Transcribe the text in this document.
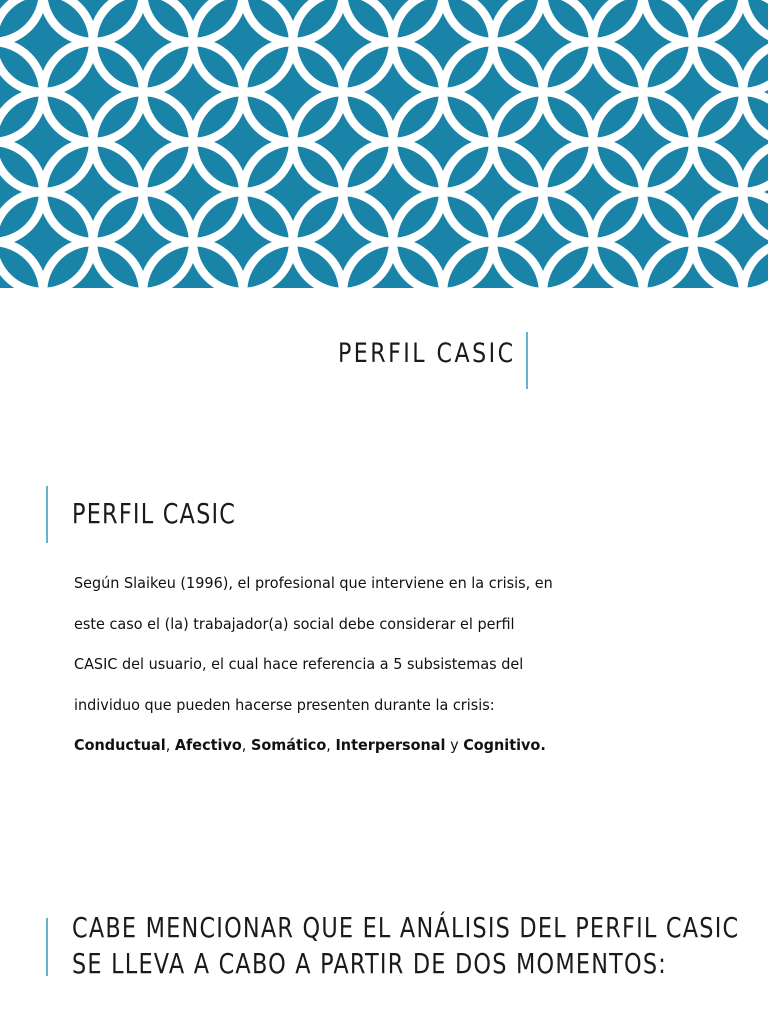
PERFIL CASIC
PERFIL CASIC
Según Slaikeu (1996), el profesional que interviene en la crisis, en
este caso el (la) trabajador(a) social debe considerar el perfil
CASIC del usuario, el cual hace referencia a 5 subsistemas del
individuo que pueden hacerse presenten durante la crisis:
Conductual, Afectivo, Somático, Interpersonal y Cognitivo.
CABE MENCIONAR QUE EL ANÁLISIS DEL PERFIL CASIC
SE LLEVA A CABO A PARTIR DE DOS MOMENTOS:
